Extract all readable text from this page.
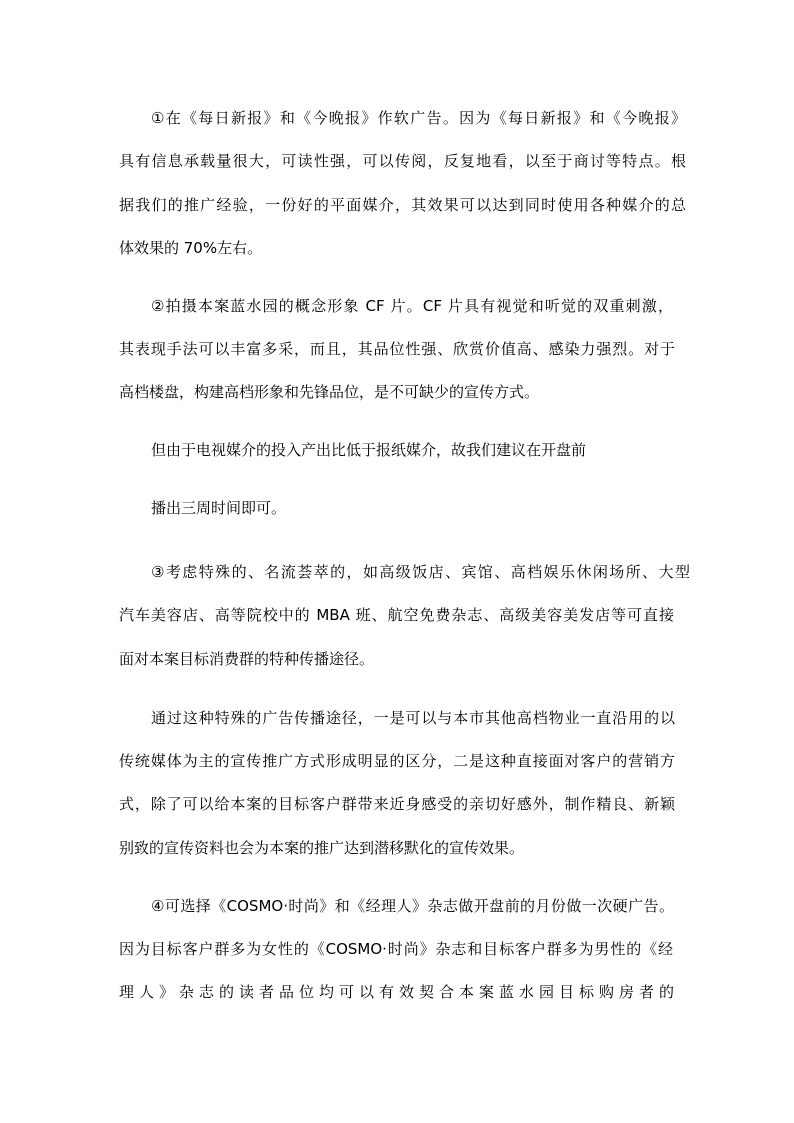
①在《每日新报》和《今晚报》作软广告。因为《每日新报》和《今晚报》
具有信息承载量很大，可读性强，可以传阅，反复地看，以至于商讨等特点。根
据我们的推广经验，一份好的平面媒介，其效果可以达到同时使用各种媒介的总
体效果的 70%左右。
②拍摄本案蓝水园的概念形象 CF 片。CF 片具有视觉和听觉的双重刺激，
其表现手法可以丰富多采，而且，其品位性强、欣赏价值高、感染力强烈。对于
高档楼盘，构建高档形象和先锋品位，是不可缺少的宣传方式。
但由于电视媒介的投入产出比低于报纸媒介，故我们建议在开盘前
播出三周时间即可。
③考虑特殊的、名流荟萃的，如高级饭店、宾馆、高档娱乐休闲场所、大型
汽车美容店、高等院校中的 MBA 班、航空免费杂志、高级美容美发店等可直接
面对本案目标消费群的特种传播途径。
通过这种特殊的广告传播途径，一是可以与本市其他高档物业一直沿用的以
传统媒体为主的宣传推广方式形成明显的区分，二是这种直接面对客户的营销方
式，除了可以给本案的目标客户群带来近身感受的亲切好感外，制作精良、新颖
别致的宣传资料也会为本案的推广达到潜移默化的宣传效果。
④可选择《COSMO·时尚》和《经理人》杂志做开盘前的月份做一次硬广告。
因为目标客户群多为女性的《COSMO·时尚》杂志和目标客户群多为男性的《经
理人》杂志的读者品位均可以有效契合本案蓝水园目标购房者的
